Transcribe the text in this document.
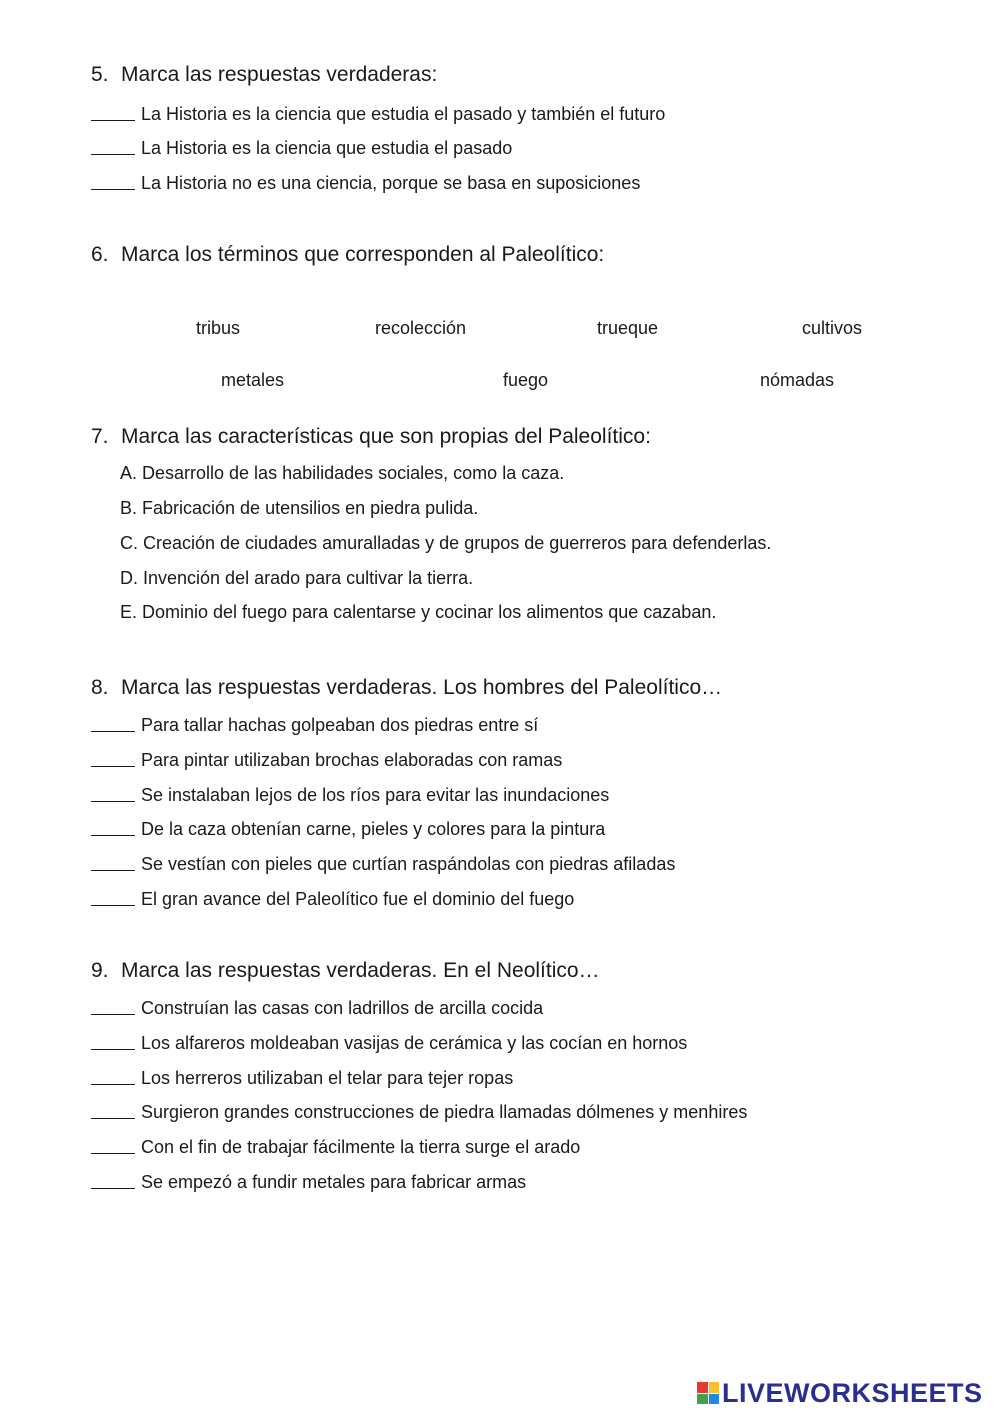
5. Marca las respuestas verdaderas:
La Historia es la ciencia que estudia el pasado y también el futuro
La Historia es la ciencia que estudia el pasado
La Historia no es una ciencia, porque se basa en suposiciones
6. Marca los términos que corresponden al Paleolítico:
tribus	recolección	trueque	cultivos
metales	fuego	nómadas
7. Marca las características que son propias del Paleolítico:
A. Desarrollo de las habilidades sociales, como la caza.
B. Fabricación de utensilios en piedra pulida.
C. Creación de ciudades amuralladas y de grupos de guerreros para defenderlas.
D. Invención del arado para cultivar la tierra.
E. Dominio del fuego para calentarse y cocinar los alimentos que cazaban.
8. Marca las respuestas verdaderas. Los hombres del Paleolítico…
Para tallar hachas golpeaban dos piedras entre sí
Para pintar utilizaban brochas elaboradas con ramas
Se instalaban lejos de los ríos para evitar las inundaciones
De la caza obtenían carne, pieles y colores para la pintura
Se vestían con pieles que curtían raspándolas con piedras afiladas
El gran avance del Paleolítico fue el dominio del fuego
9. Marca las respuestas verdaderas. En el Neolítico…
Construían las casas con ladrillos de arcilla cocida
Los alfareros moldeaban vasijas de cerámica y las cocían en hornos
Los herreros utilizaban el telar para tejer ropas
Surgieron grandes construcciones de piedra llamadas dólmenes y menhires
Con el fin de trabajar fácilmente la tierra surge el arado
Se empezó a fundir metales para fabricar armas
LIVEWORKSHEETS
